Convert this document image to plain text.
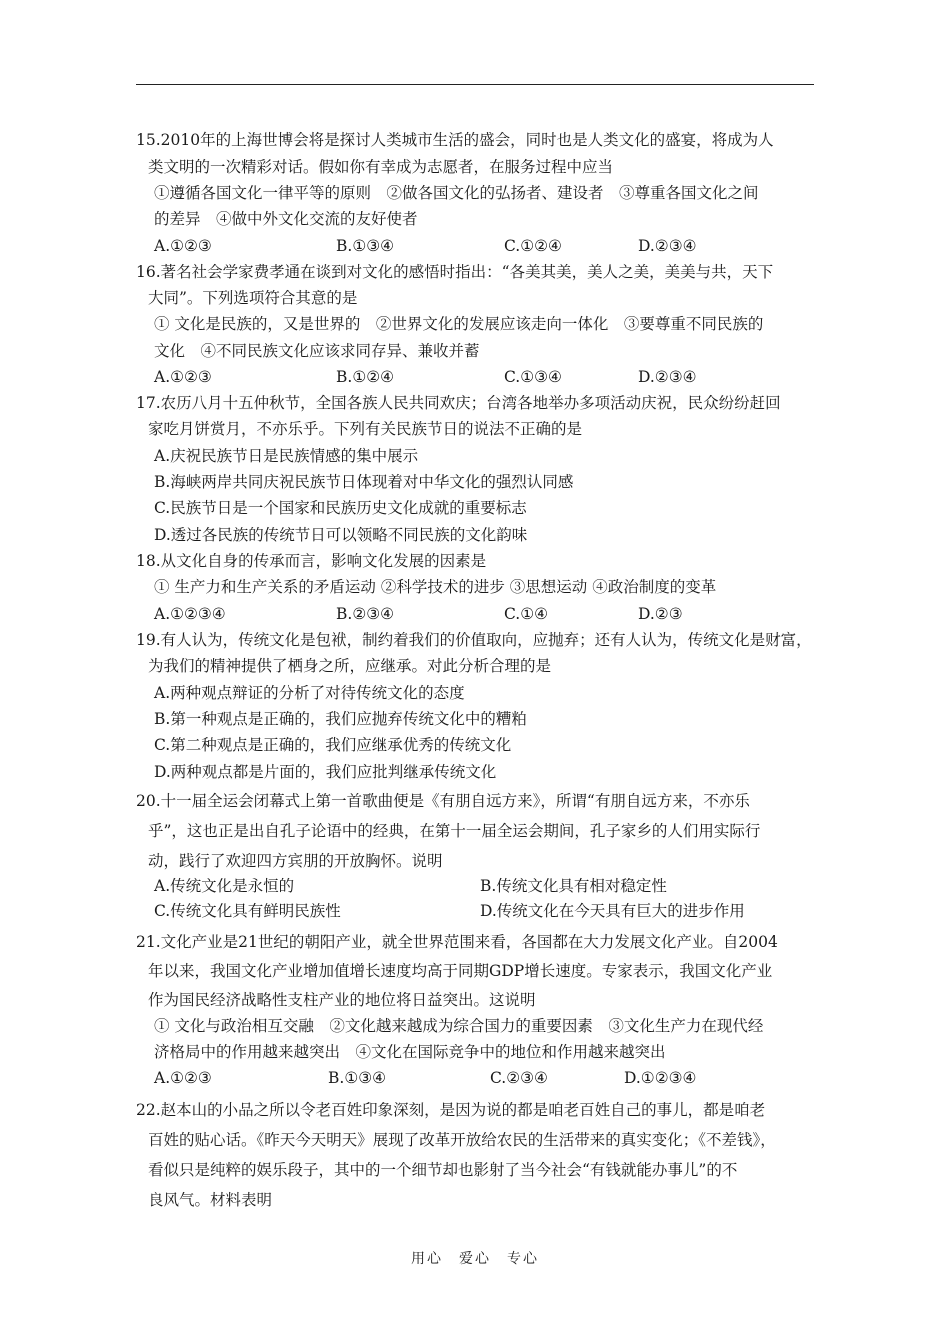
15.2010年的上海世博会将是探讨人类城市生活的盛会，同时也是人类文化的盛宴，将成为人
类文明的一次精彩对话。假如你有幸成为志愿者，在服务过程中应当
①遵循各国文化一律平等的原则　②做各国文化的弘扬者、建设者　③尊重各国文化之间
的差异　④做中外文化交流的友好使者
A.①②③	B.①③④	C.①②④	D.②③④
16.著名社会学家费孝通在谈到对文化的感悟时指出：“各美其美，美人之美，美美与共，天下
大同”。下列选项符合其意的是
① 文化是民族的，又是世界的　②世界文化的发展应该走向一体化　③要尊重不同民族的
文化　④不同民族文化应该求同存异、兼收并蓄
A.①②③	B.①②④	C.①③④	D.②③④
17.农历八月十五仲秋节，全国各族人民共同欢庆；台湾各地举办多项活动庆祝，民众纷纷赶回
家吃月饼赏月，不亦乐乎。下列有关民族节日的说法不正确的是
A.庆祝民族节日是民族情感的集中展示
B.海峡两岸共同庆祝民族节日体现着对中华文化的强烈认同感
C.民族节日是一个国家和民族历史文化成就的重要标志
D.透过各民族的传统节日可以领略不同民族的文化韵味
18.从文化自身的传承而言，影响文化发展的因素是
① 生产力和生产关系的矛盾运动 ②科学技术的进步 ③思想运动 ④政治制度的变革
A.①②③④	B.②③④	C.①④	D.②③
19.有人认为，传统文化是包袱，制约着我们的价值取向，应抛弃；还有人认为，传统文化是财富，
为我们的精神提供了栖身之所，应继承。对此分析合理的是
A.两种观点辩证的分析了对待传统文化的态度
B.第一种观点是正确的，我们应抛弃传统文化中的糟粕
C.第二种观点是正确的，我们应继承优秀的传统文化
D.两种观点都是片面的，我们应批判继承传统文化
20.十一届全运会闭幕式上第一首歌曲便是《有朋自远方来》，所谓“有朋自远方来，不亦乐
乎”，这也正是出自孔子论语中的经典，在第十一届全运会期间，孔子家乡的人们用实际行
动，践行了欢迎四方宾朋的开放胸怀。说明
A.传统文化是永恒的	B.传统文化具有相对稳定性
C.传统文化具有鲜明民族性	D.传统文化在今天具有巨大的进步作用
21.文化产业是21世纪的朝阳产业，就全世界范围来看，各国都在大力发展文化产业。自2004
年以来，我国文化产业增加值增长速度均高于同期GDP增长速度。专家表示，我国文化产业
作为国民经济战略性支柱产业的地位将日益突出。这说明
① 文化与政治相互交融　②文化越来越成为综合国力的重要因素　③文化生产力在现代经
济格局中的作用越来越突出　④文化在国际竞争中的地位和作用越来越突出
A.①②③	B.①③④	C.②③④	D.①②③④
22.赵本山的小品之所以令老百姓印象深刻，是因为说的都是咱老百姓自己的事儿，都是咱老
百姓的贴心话。《昨天今天明天》展现了改革开放给农民的生活带来的真实变化；《不差钱》，
看似只是纯粹的娱乐段子，其中的一个细节却也影射了当今社会“有钱就能办事儿”的不
良风气。材料表明
用心　爱心　专心
